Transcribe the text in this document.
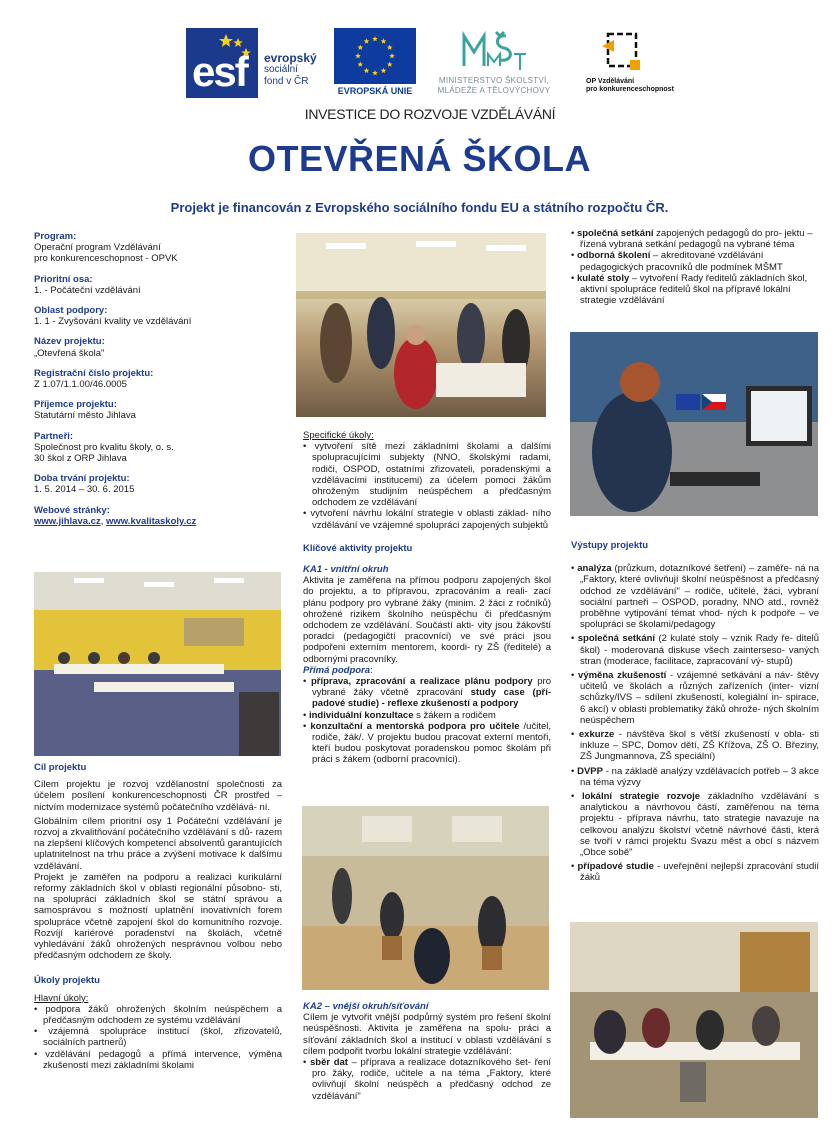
esf evropský
sociální
fond v ČR
EVROPSKÁ UNIE
MINISTERSTVO ŠKOLSTVÍ,
MLÁDEŽE A TĚLOVÝCHOVY
OP Vzdělávání
pro konkurenceschopnost
INVESTICE DO ROZVOJE VZDĚLÁVÁNÍ
OTEVŘENÁ ŠKOLA
Projekt je financován z Evropského sociálního fondu EU a státního rozpočtu ČR.
Program:
Operační program Vzdělávání
pro konkurenceschopnost - OPVK
Prioritní osa:
1. - Počáteční vzdělávání
Oblast podpory:
1. 1 - Zvyšování kvality ve vzdělávání
Název projektu:
„Otevřená škola"
Registrační číslo projektu:
Z 1.07/1.1.00/46.0005
Příjemce projektu:
Statutární město Jihlava
Partneři:
Společnost pro kvalitu školy, o. s.
30 škol z ORP Jihlava
Doba trvání projektu:
1. 5. 2014 – 30. 6. 2015
Webové stránky:
www.jihlava.cz, www.kvalitaskoly.cz
Cíl projektu

Cílem projektu je rozvoj vzdělanostní společnosti za účelem posílení konkurenceschopnosti ČR prostřed – nictvím modernizace systémů počátečního vzdělává- ní.

Globálním cílem prioritní osy 1 Počáteční vzdělávání je rozvoj a zkvalitňování počátečního vzdělávání s dů- razem na zlepšení klíčových kompetencí absolventů garantujících uplatnitelnost na trhu práce a zvýšení motivace k dalšímu vzdělávání.

Projekt je zaměřen na podporu a realizaci kurikulární reformy základních škol v oblasti regionální působno- sti, na spolupráci základních škol se státní správou a samosprávou s možností uplatnění inovativních forem spolupráce včetně zapojení škol do komunitního rozvoje. Rozvíjí kariérové poradenství na školách, včetně vyhledávání žáků ohrožených nesprávnou volbou nebo předčasným odchodem ze školy.

Úkoly projektu
Hlavní úkoly:
• podpora žáků ohrožených školním neúspěchem a předčasným odchodem ze systému vzdělávání
• vzájemná spolupráce institucí (škol, zřizovatelů, sociálních partnerů)
• vzdělávání pedagogů a přímá intervence, výměna zkušeností mezi základními školami
Specifické úkoly:
• vytvoření sítě mezi základními školami a dalšími spolupracujícími subjekty (NNO, školskými radami, rodiči, OSPOD, ostatními zřizovateli, poradenskými a vzdělávacími institucemi) za účelem pomoci žákům ohroženým studijním neúspěchem a předčasným odchodem ze vzdělávání
• vytvoření návrhu lokální strategie v oblasti základ- ního vzdělávání ve vzájemné spolupráci zapojených subjektů
Klíčové aktivity projektu
KA1 - vnitřní okruh

Aktivita je zaměřena na přímou podporu zapojených škol do projektu, a to přípravou, zpracováním a reali- zací plánu podpory pro vybrané žáky (minim. 2 žáci z ročníků) ohrožené rizikem školního neúspěchu či předčasným odchodem ze vzdělávání. Součástí akti- vity jsou žákovští poradci (pedagogičtí pracovníci) ve své práci jsou podpořeni externím mentorem, koordi- ry ZŠ (ředitelé) a odbornými pracovníky.

Přímá podpora:
• příprava, zpracování a realizace plánu podpory pro vybrané žáky včetně zpracování study case (pří- padové studie) - reflexe zkušeností a podpory
• individuální konzultace s žákem a rodičem
• konzultační a mentorská podpora pro učitele /učitel, rodiče, žák/. V projektu budou pracovat externí mentoři, kteří budou poskytovat poradenskou pomoc školám při práci s žákem (odborní pracovníci).
KA2 – vnější okruh/síťování

Cílem je vytvořit vnější podpůrný systém pro řešení školní neúspěšnosti. Aktivita je zaměřena na spolu- práci a síťování základních škol a institucí v oblasti vzdělávání s cílem podpořit tvorbu lokální strategie vzdělávání:

• sběr dat – příprava a realizace dotazníkového šet- ření pro žáky, rodiče, učitele a na téma „Faktory, které ovlivňují školní neúspěch a předčasný odchod ze vzdělávání"
• společná setkání zapojených pedagogů do pro- jektu – řízená vybraná setkání pedagogů na vybrané téma
• odborná školení – akreditované vzdělávání pedagogických pracovníků dle podmínek MŠMT
• kulaté stoly – vytvoření Rady ředitelů základních škol, aktivní spolupráce ředitelů škol na přípravě lokální strategie vzdělávání
Výstupy projektu
• analýza (průzkum, dotazníkové šetření) – zaměře- ná na „Faktory, které ovlivňují školní neúspěšnost a předčasný odchod ze vzdělávání" – rodiče, učitelé, žáci, vybraní sociální partneři – OSPOD, poradny, NNO atd., rovněž proběhne vytipování témat vhod- ných k podpoře – ve spolupráci se školami/pedagogy
• společná setkání (2 kulaté stoly – vznik Rady ře- ditelů škol) - moderovaná diskuse všech zainterseso- vaných stran (moderace, facilitace, zapracování vý- stupů)
• výměna zkušeností - vzájemné setkávání a náv- štěvy učitelů ve školách a různých zařízeních (inter- vizní schůzky/IVS – sdílení zkušeností, kolegiální in- spirace, 6 akcí) v oblasti problematiky žáků ohrože- ných školním neúspěchem
• exkurze - návštěva škol s větší zkušeností v obla- sti inkluze – SPC, Domov dětí, ZŠ Křížova, ZŠ O. Březiny, ZŠ Jungmannova, ZŠ speciální)
• DVPP - na základě analýzy vzdělávacích potřeb – 3 akce na téma výzvy
• lokální strategie rozvoje základního vzdělávání s analytickou a návrhovou částí, zaměřenou na téma projektu - příprava návrhu, tato strategie navazuje na celkovou analýzu školství včetně návrhové části, která se tvoří v rámci projektu Svazu měst a obcí s názvem „Obce sobě"
• případové studie - uveřejnění nejlepší zpracování studií žáků
